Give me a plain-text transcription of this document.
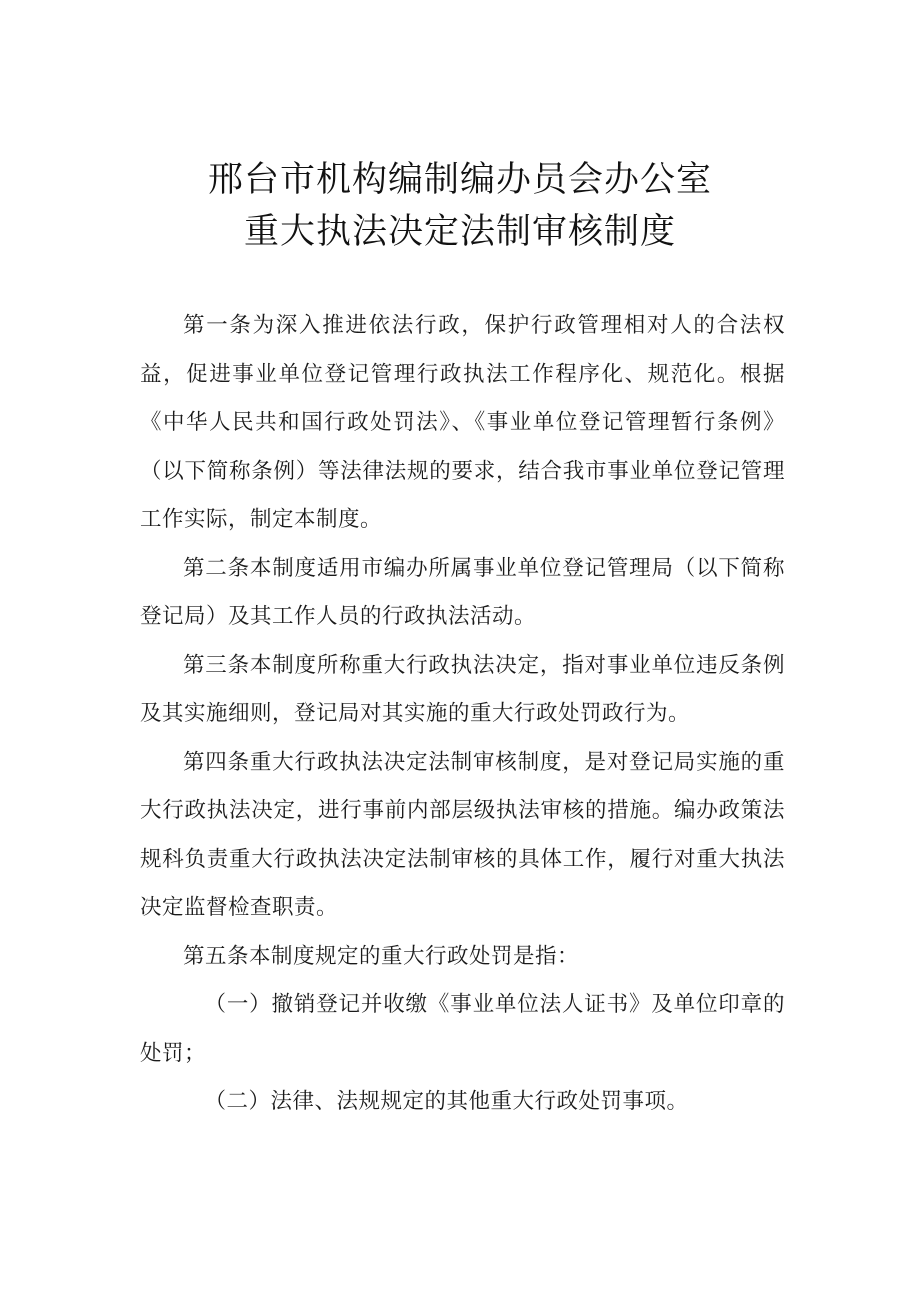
邢台市机构编制编办员会办公室
重大执法决定法制审核制度

第一条为深入推进依法行政，保护行政管理相对人的合法权益，促进事业单位登记管理行政执法工作程序化、规范化。根据《中华人民共和国行政处罚法》、《事业单位登记管理暂行条例》（以下简称条例）等法律法规的要求，结合我市事业单位登记管理工作实际，制定本制度。

第二条本制度适用市编办所属事业单位登记管理局（以下简称登记局）及其工作人员的行政执法活动。

第三条本制度所称重大行政执法决定，指对事业单位违反条例及其实施细则，登记局对其实施的重大行政处罚政行为。

第四条重大行政执法决定法制审核制度，是对登记局实施的重大行政执法决定，进行事前内部层级执法审核的措施。编办政策法规科负责重大行政执法决定法制审核的具体工作，履行对重大执法决定监督检查职责。

第五条本制度规定的重大行政处罚是指：

（一）撤销登记并收缴《事业单位法人证书》及单位印章的处罚；

（二）法律、法规规定的其他重大行政处罚事项。
